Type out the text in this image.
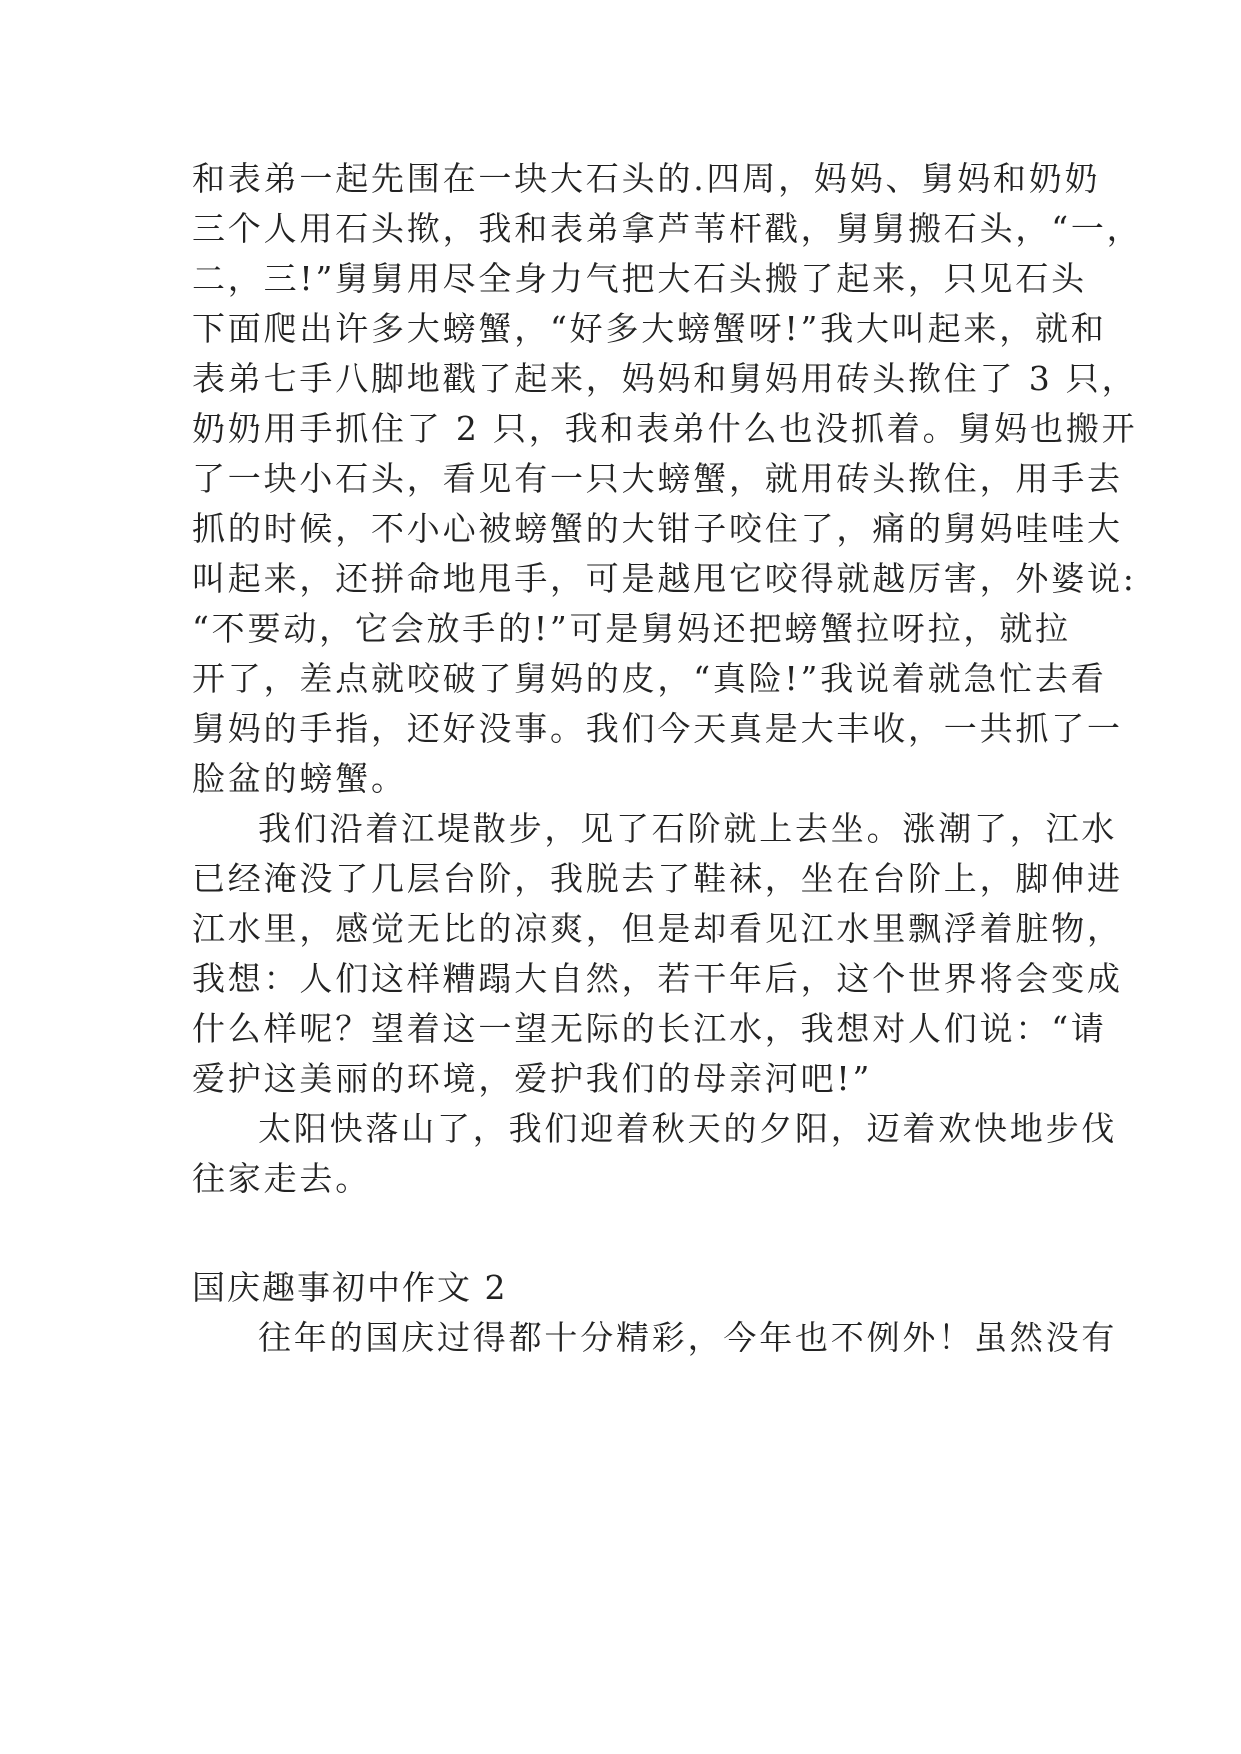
和表弟一起先围在一块大石头的.四周，妈妈、舅妈和奶奶
三个人用石头揿，我和表弟拿芦苇杆戳，舅舅搬石头，“一，
二，三!”舅舅用尽全身力气把大石头搬了起来，只见石头
下面爬出许多大螃蟹，“好多大螃蟹呀!”我大叫起来，就和
表弟七手八脚地戳了起来，妈妈和舅妈用砖头揿住了 3 只，
奶奶用手抓住了 2 只，我和表弟什么也没抓着。舅妈也搬开
了一块小石头，看见有一只大螃蟹，就用砖头揿住，用手去
抓的时候，不小心被螃蟹的大钳子咬住了，痛的舅妈哇哇大
叫起来，还拼命地甩手，可是越甩它咬得就越厉害，外婆说:
“不要动，它会放手的!”可是舅妈还把螃蟹拉呀拉，就拉
开了，差点就咬破了舅妈的皮，“真险!”我说着就急忙去看
舅妈的手指，还好没事。我们今天真是大丰收，一共抓了一
脸盆的螃蟹。
我们沿着江堤散步，见了石阶就上去坐。涨潮了，江水
已经淹没了几层台阶，我脱去了鞋袜，坐在台阶上，脚伸进
江水里，感觉无比的凉爽，但是却看见江水里飘浮着脏物，
我想：人们这样糟蹋大自然，若干年后，这个世界将会变成
什么样呢？望着这一望无际的长江水，我想对人们说：“请
爱护这美丽的环境，爱护我们的母亲河吧!”
太阳快落山了，我们迎着秋天的夕阳，迈着欢快地步伐
往家走去。
国庆趣事初中作文 2
往年的国庆过得都十分精彩，今年也不例外！虽然没有
